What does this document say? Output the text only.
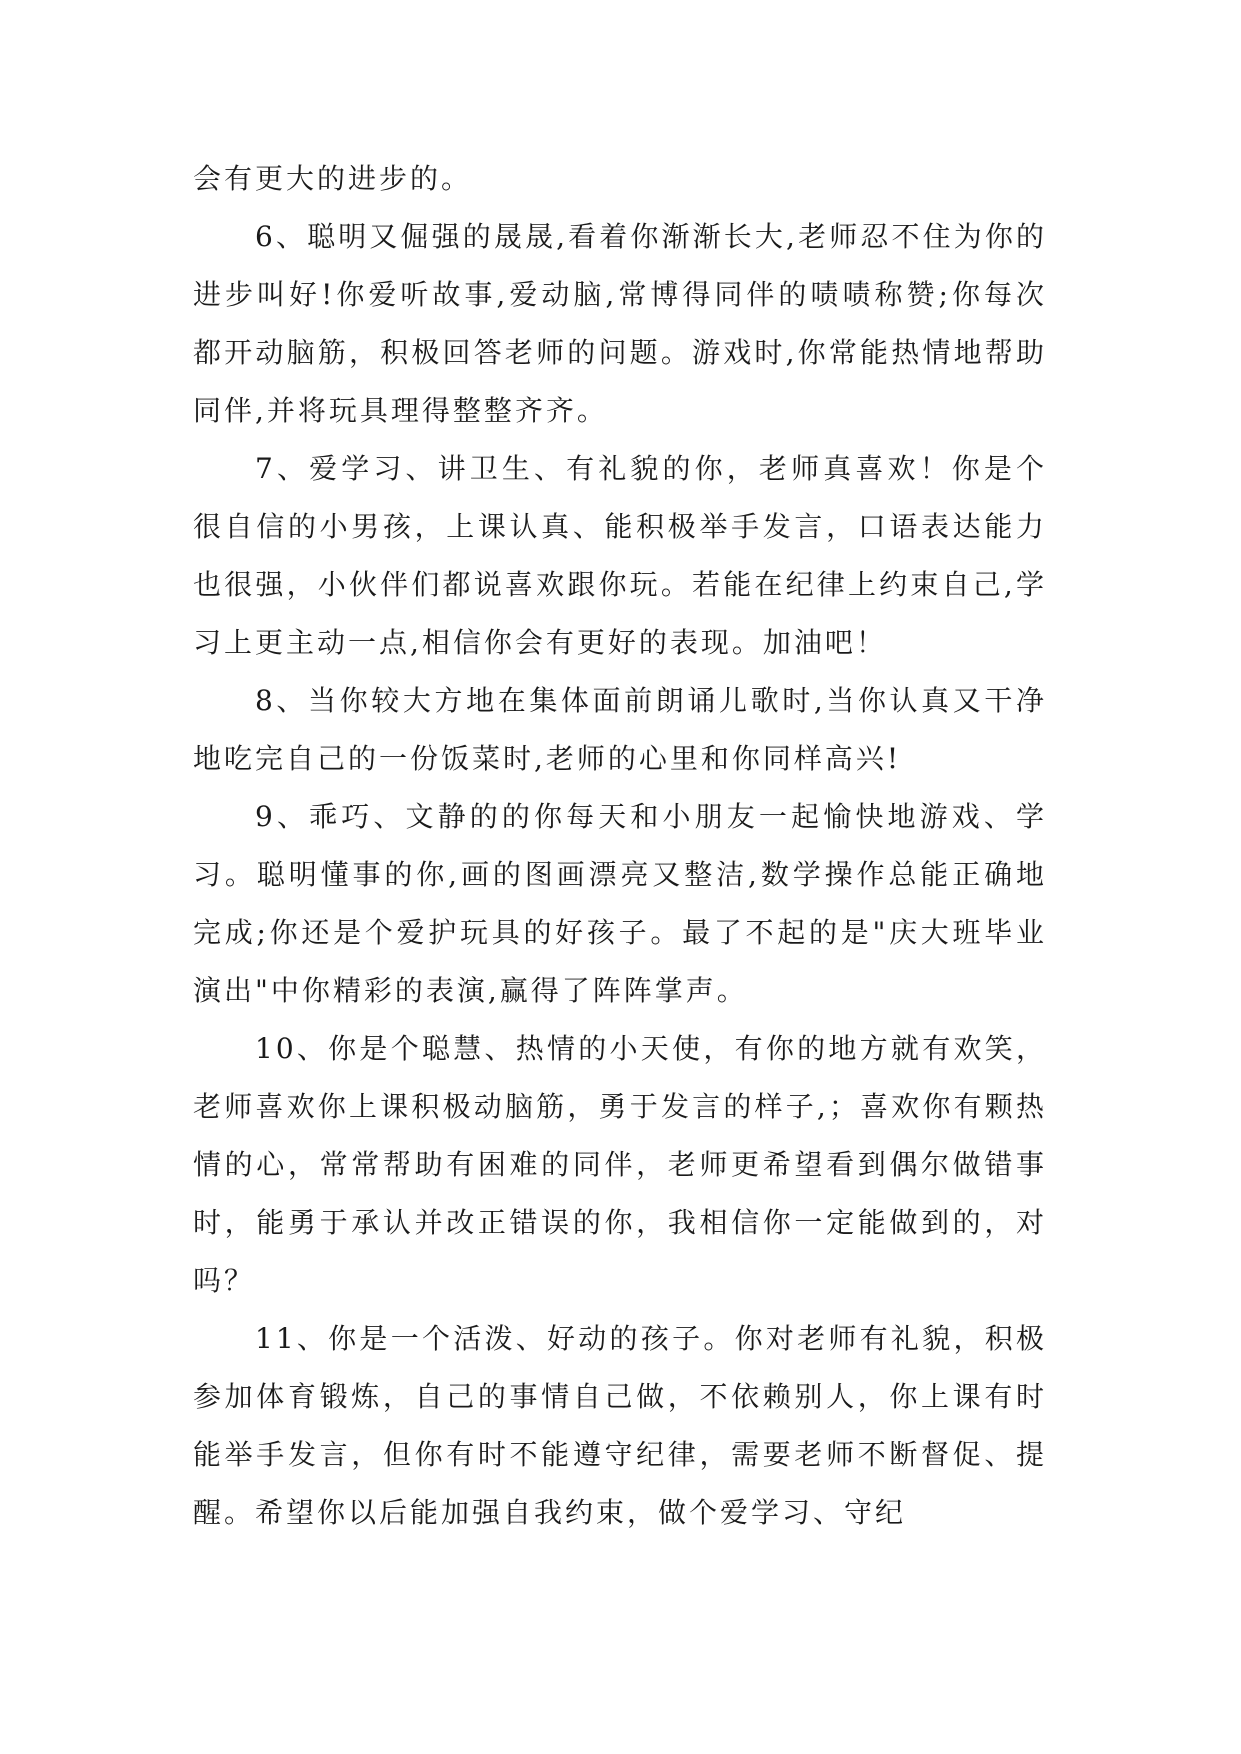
会有更大的进步的。

6、聪明又倔强的晟晟,看着你渐渐长大,老师忍不住为你的进步叫好!你爱听故事,爱动脑,常博得同伴的啧啧称赞;你每次都开动脑筋，积极回答老师的问题。游戏时,你常能热情地帮助同伴,并将玩具理得整整齐齐。

7、爱学习、讲卫生、有礼貌的你，老师真喜欢！你是个很自信的小男孩，上课认真、能积极举手发言，口语表达能力也很强，小伙伴们都说喜欢跟你玩。若能在纪律上约束自己,学习上更主动一点,相信你会有更好的表现。加油吧！

8、当你较大方地在集体面前朗诵儿歌时,当你认真又干净地吃完自己的一份饭菜时,老师的心里和你同样高兴!

9、乖巧、文静的的你每天和小朋友一起愉快地游戏、学习。聪明懂事的你,画的图画漂亮又整洁,数学操作总能正确地完成;你还是个爱护玩具的好孩子。最了不起的是"庆大班毕业演出"中你精彩的表演,赢得了阵阵掌声。

10、你是个聪慧、热情的小天使，有你的地方就有欢笑，老师喜欢你上课积极动脑筋，勇于发言的样子,；喜欢你有颗热情的心，常常帮助有困难的同伴，老师更希望看到偶尔做错事时，能勇于承认并改正错误的你，我相信你一定能做到的，对吗？

11、你是一个活泼、好动的孩子。你对老师有礼貌，积极参加体育锻炼，自己的事情自己做，不依赖别人，你上课有时能举手发言，但你有时不能遵守纪律，需要老师不断督促、提醒。希望你以后能加强自我约束，做个爱学习、守纪
